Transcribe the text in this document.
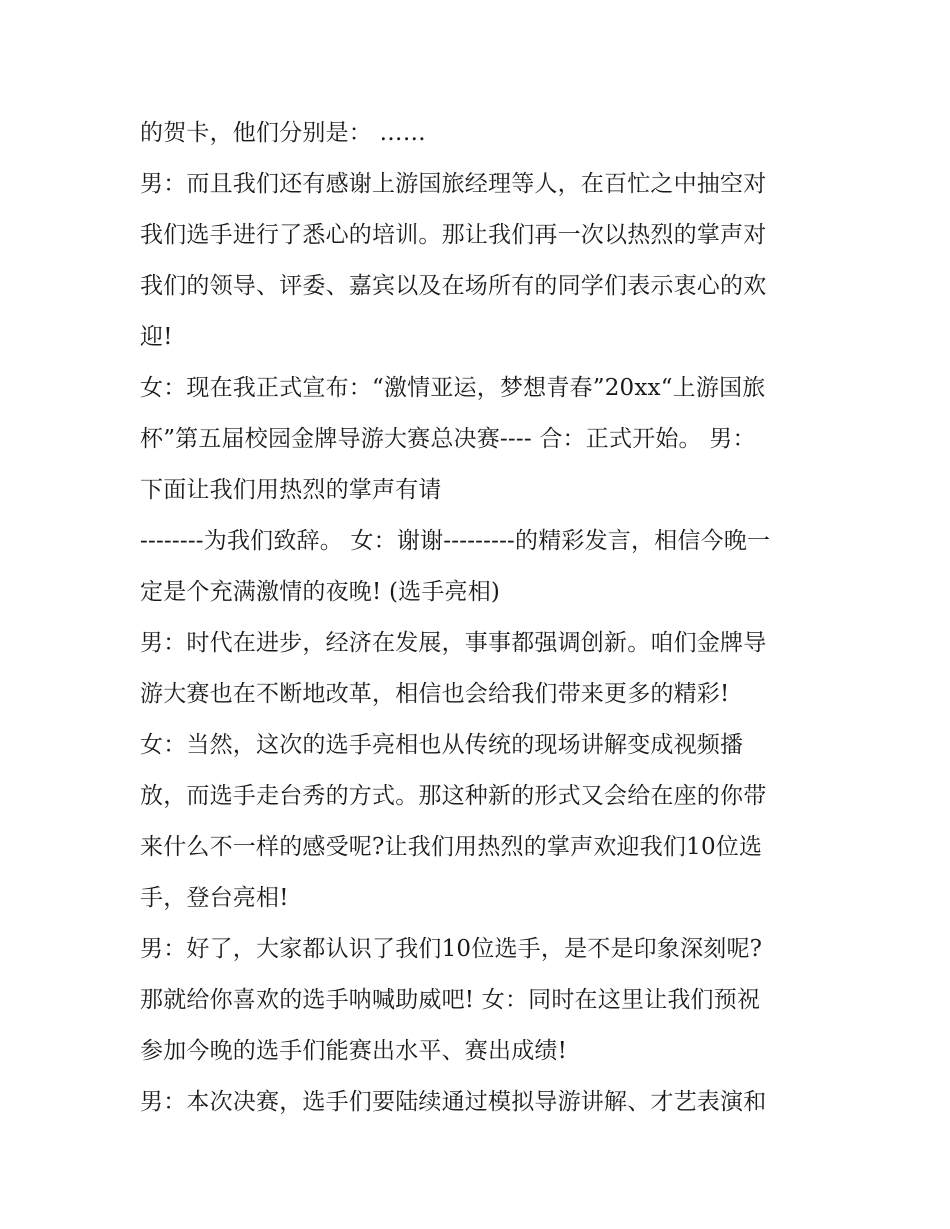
的贺卡，他们分别是： ……
男：而且我们还有感谢上游国旅经理等人，在百忙之中抽空对
我们选手进行了悉心的培训。那让我们再一次以热烈的掌声对
我们的领导、评委、嘉宾以及在场所有的同学们表示衷心的欢
迎!
女：现在我正式宣布：“激情亚运，梦想青春”20xx“上游国旅
杯”第五届校园金牌导游大赛总决赛---- 合：正式开始。 男：
下面让我们用热烈的掌声有请
--------为我们致辞。 女：谢谢---------的精彩发言，相信今晚一
定是个充满激情的夜晚! (选手亮相)
男：时代在进步，经济在发展，事事都强调创新。咱们金牌导
游大赛也在不断地改革，相信也会给我们带来更多的精彩!
女：当然，这次的选手亮相也从传统的现场讲解变成视频播
放，而选手走台秀的方式。那这种新的形式又会给在座的你带
来什么不一样的感受呢?让我们用热烈的掌声欢迎我们10位选
手，登台亮相!
男：好了，大家都认识了我们10位选手，是不是印象深刻呢?
那就给你喜欢的选手呐喊助威吧! 女：同时在这里让我们预祝
参加今晚的选手们能赛出水平、赛出成绩!
男：本次决赛，选手们要陆续通过模拟导游讲解、才艺表演和
